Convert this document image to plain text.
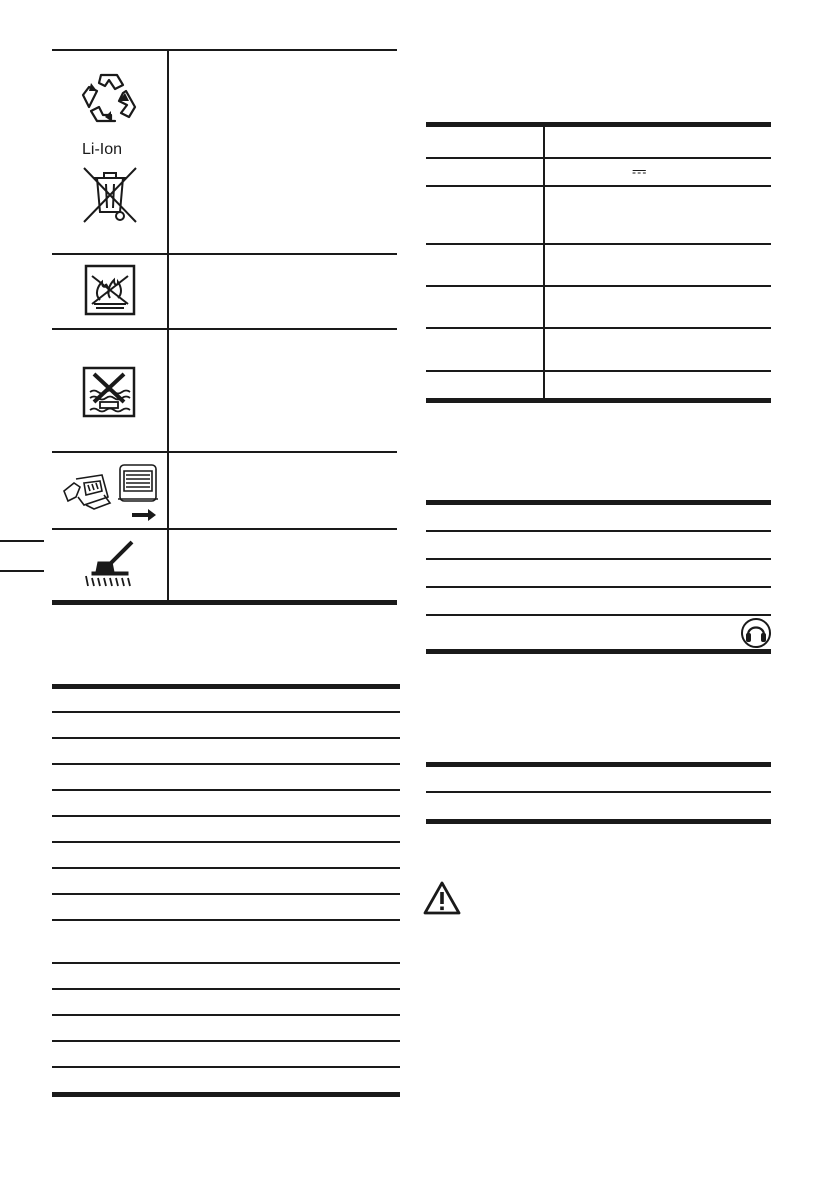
Li-Ion
⎓
